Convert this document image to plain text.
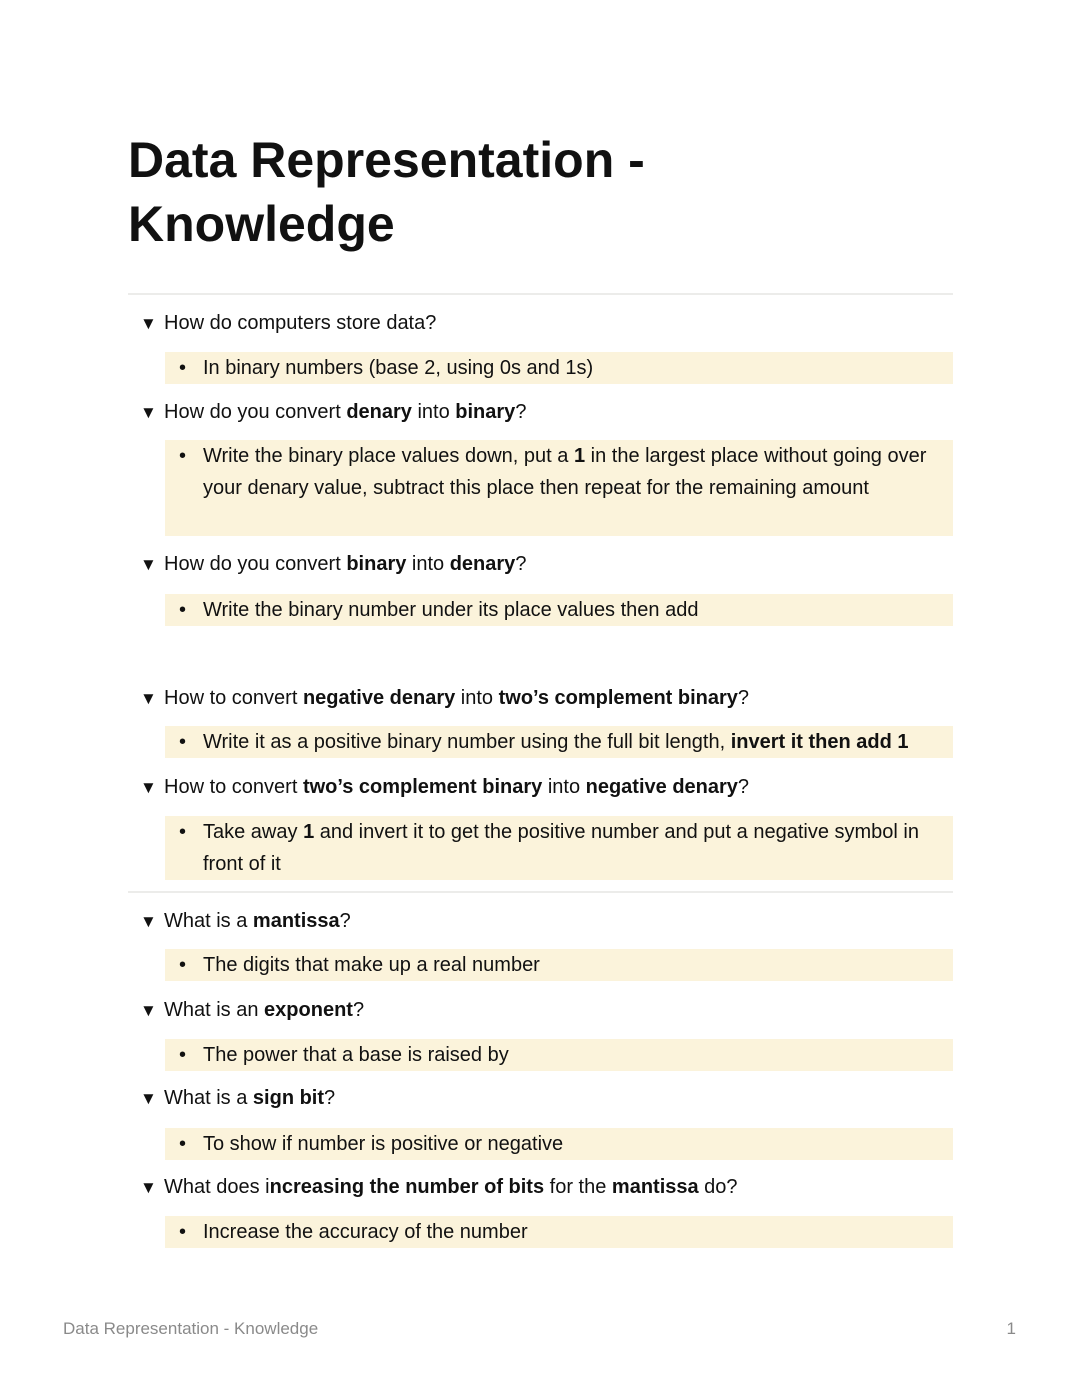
Data Representation - Knowledge
▼ How do computers store data?
• In binary numbers (base 2, using 0s and 1s)
▼ How do you convert denary into binary?
• Write the binary place values down, put a 1 in the largest place without going over your denary value, subtract this place then repeat for the remaining amount
▼ How do you convert binary into denary?
• Write the binary number under its place values then add
▼ How to convert negative denary into two’s complement binary?
• Write it as a positive binary number using the full bit length, invert it then add 1
▼ How to convert two’s complement binary into negative denary?
• Take away 1 and invert it to get the positive number and put a negative symbol in front of it
▼ What is a mantissa?
• The digits that make up a real number
▼ What is an exponent?
• The power that a base is raised by
▼ What is a sign bit?
• To show if number is positive or negative
▼ What does increasing the number of bits for the mantissa do?
• Increase the accuracy of the number
Data Representation - Knowledge	1
